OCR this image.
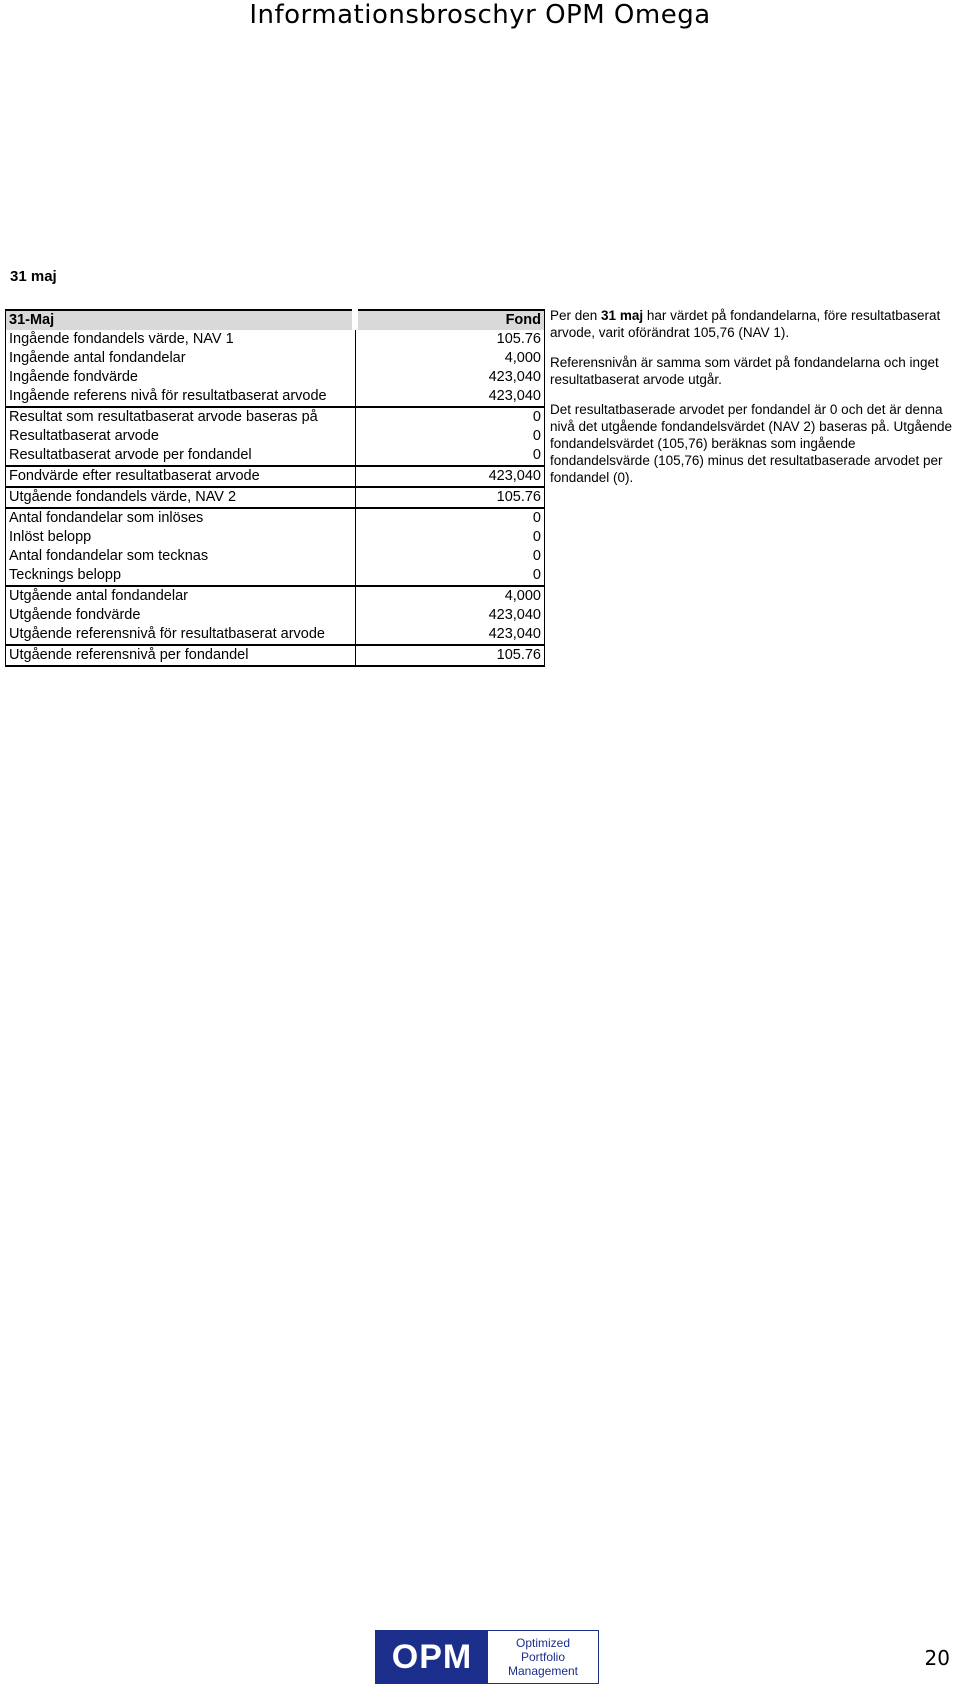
Informationsbroschyr OPM Omega
31 maj
31-Maj	Fond
Ingående fondandels värde, NAV 1	105.76
Ingående antal fondandelar	4,000
Ingående fondvärde	423,040
Ingående referens nivå för resultatbaserat arvode	423,040
Resultat som resultatbaserat arvode baseras på	0
Resultatbaserat arvode	0
Resultatbaserat arvode per fondandel	0
Fondvärde efter resultatbaserat arvode	423,040
Utgående fondandels värde, NAV 2	105.76
Antal fondandelar som inlöses	0
Inlöst belopp	0
Antal fondandelar som tecknas	0
Tecknings belopp	0
Utgående antal fondandelar	4,000
Utgående fondvärde	423,040
Utgående referensnivå för resultatbaserat arvode	423,040
Utgående referensnivå per fondandel	105.76

Per den 31 maj har värdet på fondandelarna, före resultatbaserat arvode, varit oförändrat 105,76 (NAV 1).

Referensnivån är samma som värdet på fondandelarna och inget resultatbaserat arvode utgår.

Det resultatbaserade arvodet per fondandel är 0 och det är denna nivå det utgående fondandelsvärdet (NAV 2) baseras på. Utgående fondandelsvärdet (105,76) beräknas som ingående fondandelsvärde (105,76) minus det resultatbaserade arvodet per fondandel (0).

OPM	Optimized
Portfolio
Management
20
